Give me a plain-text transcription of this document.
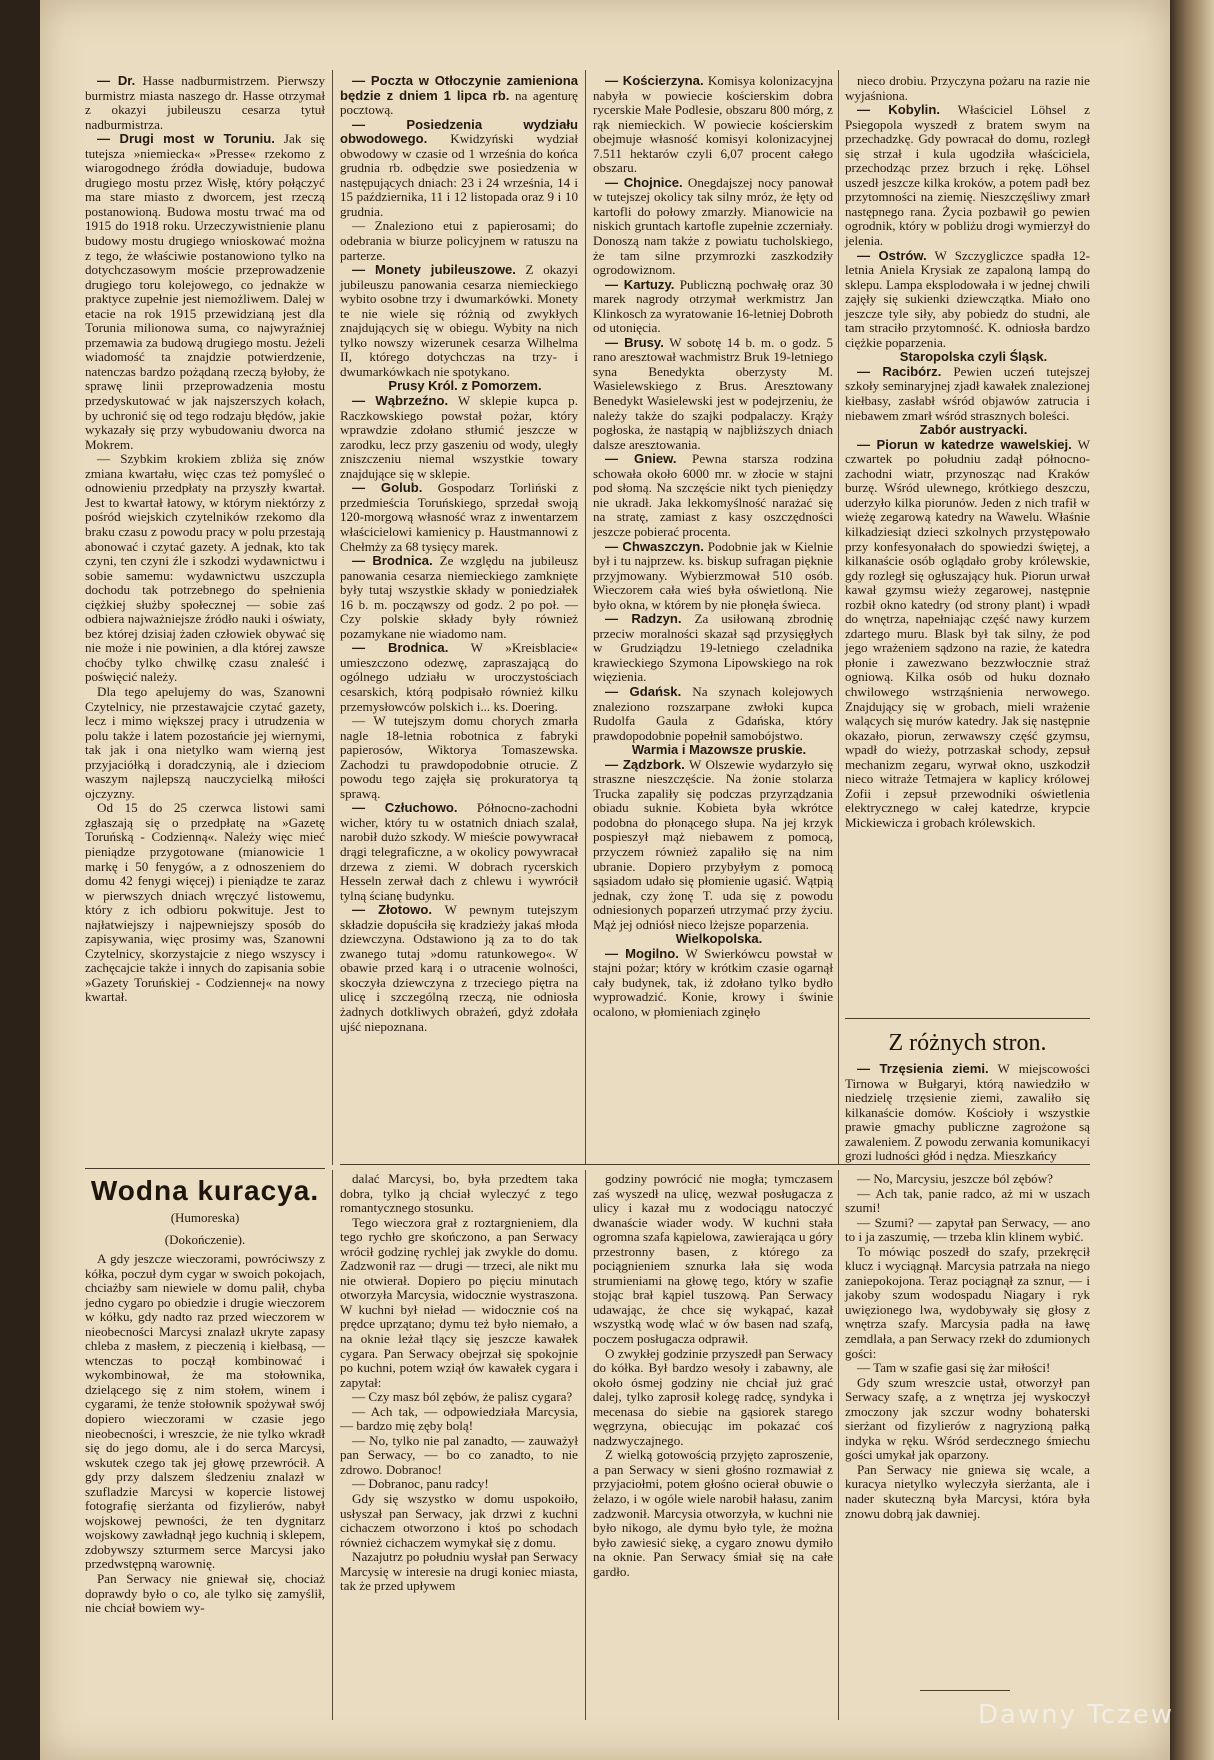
— Dr. Hasse nadburmistrzem. Pierwszy burmistrz miasta naszego dr. Hasse otrzymał z okazyi jubileuszu cesarza tytuł nadburmistrza.

— Drugi most w Toruniu. Jak się tutejsza »niemiecka« »Presse« rzekomo z wiarogodnego źródła dowiaduje, budowa drugiego mostu przez Wisłę, który połączyć ma stare miasto z dworcem, jest rzeczą postanowioną. Budowa mostu trwać ma od 1915 do 1918 roku. Urzeczywistnienie planu budowy mostu drugiego wnioskować można z tego, że właściwie postanowiono tylko na dotychczasowym moście przeprowadzenie drugiego toru kolejowego, co jednakże w praktyce zupełnie jest niemożliwem. Dalej w etacie na rok 1915 przewidzianą jest dla Torunia milionowa suma, co najwyraźniej przemawia za budową drugiego mostu. Jeżeli wiadomość ta znajdzie potwierdzenie, natenczas bardzo pożądaną rzeczą byłoby, że sprawę linii przeprowadzenia mostu przedyskutować w jak najszerszych kołach, by uchronić się od tego rodzaju błędów, jakie wykazały się przy wybudowaniu dworca na Mokrem.

— Szybkim krokiem zbliża się znów zmiana kwartału, więc czas też pomyśleć o odnowieniu przedpłaty na przyszły kwartał. Jest to kwartał łatowy, w którym niektórzy z pośród wiejskich czytelników rzekomo dla braku czasu z powodu pracy w polu przestają abonować i czytać gazety. A jednak, kto tak czyni, ten czyni źle i szkodzi wydawnictwu i sobie samemu: wydawnictwu uszczupla dochodu tak potrzebnego do spełnienia ciężkiej służby społecznej — sobie zaś odbiera najważniejsze źródło nauki i oświaty, bez której dzisiaj żaden człowiek obywać się nie może i nie powinien, a dla której zawsze choćby tylko chwilkę czasu znaleść i poświęcić należy.

Dla tego apelujemy do was, Szanowni Czytelnicy, nie przestawajcie czytać gazety, lecz i mimo większej pracy i utrudzenia w polu także i latem pozostańcie jej wiernymi, tak jak i ona nietylko wam wierną jest przyjaciółką i doradczynią, ale i dzieciom waszym najlepszą nauczycielką miłości ojczyzny.

Od 15 do 25 czerwca listowi sami zgłaszają się o przedpłatę na »Gazetę Toruńską - Codzienną«. Należy więc mieć pieniądze przygotowane (mianowicie 1 markę i 50 fenygów, a z odnoszeniem do domu 42 fenygi więcej) i pieniądze te zaraz w pierwszych dniach wręczyć listowemu, który z ich odbioru pokwituje. Jest to najłatwiejszy i najpewniejszy sposób do zapisywania, więc prosimy was, Szanowni Czytelnicy, skorzystajcie z niego wszyscy i zachęcajcie także i innych do zapisania sobie »Gazety Toruńskiej - Codziennej« na nowy kwartał.

— Poczta w Otłoczynie zamieniona będzie z dniem 1 lipca rb. na agenturę pocztową.

— Posiedzenia wydziału obwodowego. Kwidzyński wydział obwodowy w czasie od 1 września do końca grudnia rb. odbędzie swe posiedzenia w następujących dniach: 23 i 24 września, 14 i 15 października, 11 i 12 listopada oraz 9 i 10 grudnia.

— Znaleziono etui z papierosami; do odebrania w biurze policyjnem w ratuszu na parterze.

— Monety jubileuszowe. Z okazyi jubileuszu panowania cesarza niemieckiego wybito osobne trzy i dwumarkówki. Monety te nie wiele się różnią od zwykłych znajdujących się w obiegu. Wybity na nich tylko nowszy wizerunek cesarza Wilhelma II, którego dotychczas na trzy- i dwumarkówkach nie spotykano.

Prusy Król. z Pomorzem.

— Wąbrzeźno. W sklepie kupca p. Raczkowskiego powstał pożar, który wprawdzie zdołano stłumić jeszcze w zarodku, lecz przy gaszeniu od wody, uległy zniszczeniu niemal wszystkie towary znajdujące się w sklepie.

— Golub. Gospodarz Torliński z przedmieścia Toruńskiego, sprzedał swoją 120-morgową własność wraz z inwentarzem właścicielowi kamienicy p. Haustmannowi z Chełmży za 68 tysięcy marek.

— Brodnica. Ze względu na jubileusz panowania cesarza niemieckiego zamknięte były tutaj wszystkie składy w poniedziałek 16 b. m. począwszy od godz. 2 po poł. — Czy polskie składy były również pozamykane nie wiadomo nam.

— Brodnica. W »Kreisblacie« umieszczono odezwę, zapraszającą do ogólnego udziału w uroczystościach cesarskich, którą podpisało również kilku przemysłowców polskich i... ks. Doering.

— W tutejszym domu chorych zmarła nagle 18-letnia robotnica z fabryki papierosów, Wiktorya Tomaszewska. Zachodzi tu prawdopodobnie otrucie. Z powodu tego zajęła się prokuratorya tą sprawą.

— Człuchowo. Północno-zachodni wicher, który tu w ostatnich dniach szalał, narobił dużo szkody. W mieście powywracał drągi telegraficzne, a w okolicy powywracał drzewa z ziemi. W dobrach rycerskich Hesseln zerwał dach z chlewu i wywrócił tylną ścianę budynku.

— Złotowo. W pewnym tutejszym składzie dopuściła się kradzieży jakaś młoda dziewczyna. Odstawiono ją za to do tak zwanego tutaj »domu ratunkowego«. W obawie przed karą i o utracenie wolności, skoczyła dziewczyna z trzeciego piętra na ulicę i szczególną rzeczą, nie odniosła żadnych dotkliwych obrażeń, gdyż zdołała ujść niepoznana.

— Kościerzyna. Komisya kolonizacyjna nabyła w powiecie kościerskim dobra rycerskie Małe Podlesie, obszaru 800 mórg, z rąk niemieckich. W powiecie kościerskim obejmuje własność komisyi kolonizacyjnej 7.511 hektarów czyli 6,07 procent całego obszaru.

— Chojnice. Onegdajszej nocy panował w tutejszej okolicy tak silny mróz, że łęty od kartofli do połowy zmarzły. Mianowicie na niskich gruntach kartofle zupełnie zczerniały. Donoszą nam także z powiatu tucholskiego, że tam silne przymrozki zaszkodziły ogrodowiznom.

— Kartuzy. Publiczną pochwałę oraz 30 marek nagrody otrzymał werkmistrz Jan Klinkosch za wyratowanie 16-letniej Dobroth od utonięcia.

— Brusy. W sobotę 14 b. m. o godz. 5 rano aresztował wachmistrz Bruk 19-letniego syna Benedykta oberzysty M. Wasielewskiego z Brus. Aresztowany Benedykt Wasielewski jest w podejrzeniu, że należy także do szajki podpalaczy. Krąży pogłoska, że nastąpią w najbliższych dniach dalsze aresztowania.

— Gniew. Pewna starsza rodzina schowała około 6000 mr. w złocie w stajni pod słomą. Na szczęście nikt tych pieniędzy nie ukradł. Jaka lekkomyślność narażać się na stratę, zamiast z kasy oszczędności jeszcze pobierać procenta.

— Chwaszczyn. Podobnie jak w Kielnie był i tu najprzew. ks. biskup sufragan pięknie przyjmowany. Wybierzmował 510 osób. Wieczorem cała wieś była oświetloną. Nie było okna, w którem by nie płonęła świeca.

— Radzyn. Za usiłowaną zbrodnię przeciw moralności skazał sąd przysięgłych w Grudziądzu 19-letniego czeladnika krawieckiego Szymona Lipowskiego na rok więzienia.

— Gdańsk. Na szynach kolejowych znaleziono rozszarpane zwłoki kupca Rudolfa Gaula z Gdańska, który prawdopodobnie popełnił samobójstwo.

Warmia i Mazowsze pruskie.

— Ządzbork. W Olszewie wydarzyło się straszne nieszczęście. Na żonie stolarza Trucka zapaliły się podczas przyrządzania obiadu suknie. Kobieta była wkrótce podobna do płonącego słupa. Na jej krzyk pospieszył mąż niebawem z pomocą, przyczem również zapaliło się na nim ubranie. Dopiero przybyłym z pomocą sąsiadom udało się płomienie ugasić. Wątpią jednak, czy żonę T. uda się z powodu odniesionych poparzeń utrzymać przy życiu. Mąż jej odniósł nieco lżejsze poparzenia.

Wielkopolska.

— Mogilno. W Swierkówcu powstał w stajni pożar; który w krótkim czasie ogarnął cały budynek, tak, iż zdołano tylko bydło wyprowadzić. Konie, krowy i świnie ocalono, w płomieniach zginęło

nieco drobiu. Przyczyna pożaru na razie nie wyjaśniona.

— Kobylin. Właściciel Löhsel z Psiegopola wyszedł z bratem swym na przechadzkę. Gdy powracał do domu, rozległ się strzał i kula ugodziła właściciela, przechodząc przez brzuch i rękę. Löhsel uszedł jeszcze kilka kroków, a potem padł bez przytomności na ziemię. Nieszczęśliwy zmarł następnego rana. Życia pozbawił go pewien ogrodnik, który w pobliżu drogi wymierzył do jelenia.

— Ostrów. W Szczygliczce spadła 12-letnia Aniela Krysiak ze zapaloną lampą do sklepu. Lampa eksplodowała i w jednej chwili zajęły się sukienki dziewczątka. Miało ono jeszcze tyle siły, aby pobiedz do studni, ale tam straciło przytomność. K. odniosła bardzo ciężkie poparzenia.

Staropolska czyli Śląsk.

— Racibórz. Pewien uczeń tutejszej szkoły seminaryjnej zjadł kawałek znalezionej kiełbasy, zasłabł wśród objawów zatrucia i niebawem zmarł wśród strasznych boleści.

Zabór austryacki.

— Piorun w katedrze wawelskiej. W czwartek po południu zadął północno-zachodni wiatr, przynosząc nad Kraków burzę. Wśród ulewnego, krótkiego deszczu, uderzyło kilka piorunów. Jeden z nich trafił w wieżę zegarową katedry na Wawelu. Właśnie kilkadziesiąt dzieci szkolnych przystępowało przy konfesyonałach do spowiedzi świętej, a kilkanaście osób oglądało groby królewskie, gdy rozległ się ogłuszający huk. Piorun urwał kawał gzymsu wieży zegarowej, następnie rozbił okno katedry (od strony plant) i wpadł do wnętrza, napełniając część nawy kurzem zdartego muru. Blask był tak silny, że pod jego wrażeniem sądzono na razie, że katedra płonie i zawezwano bezzwłocznie straż ogniową. Kilka osób od huku doznało chwilowego wstrząśnienia nerwowego. Znajdujący się w grobach, mieli wrażenie walących się murów katedry. Jak się następnie okazało, piorun, zerwawszy część gzymsu, wpadł do wieży, potrzaskał schody, zepsuł mechanizm zegaru, wyrwał okno, uszkodził nieco witraże Tetmajera w kaplicy królowej Zofii i zepsuł przewodniki oświetlenia elektrycznego w całej katedrze, krypcie Mickiewicza i grobach królewskich.

Z różnych stron.

— Trzęsienia ziemi. W miejscowości Tirnowa w Bułgaryi, którą nawiedziło w niedzielę trzęsienie ziemi, zawaliło się kilkanaście domów. Kościoły i wszystkie prawie gmachy publiczne zagrożone są zawaleniem. Z powodu zerwania komunikacyi grozi ludności głód i nędza. Mieszkańcy

Wodna kuracya.
(Humoreska)
(Dokończenie).

A gdy jeszcze wieczorami, powróciwszy z kółka, poczuł dym cygar w swoich pokojach, chciażby sam niewiele w domu palił, chyba jedno cygaro po obiedzie i drugie wieczorem w kółku, gdy nadto raz przed wieczorem w nieobecności Marcysi znalazł ukryte zapasy chleba z masłem, z pieczenią i kiełbasą, — wtenczas to począł kombinować i wykombinował, że ma stołownika, dzielącego się z nim stołem, winem i cygarami, że tenże stołownik spożywał swój dopiero wieczorami w czasie jego nieobecności, i wreszcie, że nie tylko wkradł się do jego domu, ale i do serca Marcysi, wskutek czego tak jej głowę przewrócił. A gdy przy dalszem śledzeniu znalazł w szufladzie Marcysi w kopercie listowej fotografię sierżanta od fizylierów, nabył wojskowej pewności, że ten dygnitarz wojskowy zawładnął jego kuchnią i sklepem, zdobywszy szturmem serce Marcysi jako przedwstępną warownię.

Pan Serwacy nie gniewał się, chociaż doprawdy było o co, ale tylko się zamyślił, nie chciał bowiem wy-

dalać Marcysi, bo, była przedtem taka dobra, tylko ją chciał wyleczyć z tego romantycznego stosunku.

Tego wieczora grał z roztargnieniem, dla tego rychło gre skończono, a pan Serwacy wrócił godzinę rychlej jak zwykle do domu. Zadzwonił raz — drugi — trzeci, ale nikt mu nie otwierał. Dopiero po pięciu minutach otworzyła Marcysia, widocznie wystraszona. W kuchni był nieład — widocznie coś na prędce uprzątano; dymu też było niemało, a na oknie leżał tlący się jeszcze kawałek cygara. Pan Serwacy obejrzał się spokojnie po kuchni, potem wziął ów kawałek cygara i zapytał:

— Czy masz ból zębów, że palisz cygara?

— Ach tak, — odpowiedziała Marcysia, — bardzo mię zęby bolą!

— No, tylko nie pal zanadto, — zauważył pan Serwacy, — bo co zanadto, to nie zdrowo. Dobranoc!

— Dobranoc, panu radcy!

Gdy się wszystko w domu uspokoiło, usłyszał pan Serwacy, jak drzwi z kuchni cichaczem otworzono i ktoś po schodach również cichaczem wymykał się z domu.

Nazajutrz po południu wysłał pan Serwacy Marcysię w interesie na drugi koniec miasta, tak że przed upływem

godziny powrócić nie mogła; tymczasem zaś wyszedł na ulicę, wezwał posługacza z ulicy i kazał mu z wodociągu natoczyć dwanaście wiader wody. W kuchni stała ogromna szafa kąpielowa, zawierająca u góry przestronny basen, z którego za pociągnieniem sznurka lała się woda strumieniami na głowę tego, który w szafie stojąc brał kąpiel tuszową. Pan Serwacy udawając, że chce się wykąpać, kazał wszystką wodę wlać w ów basen nad szafą, poczem posługacza odprawił.

O zwykłej godzinie przyszedł pan Serwacy do kółka. Był bardzo wesoły i zabawny, ale około ósmej godziny nie chciał już grać dalej, tylko zaprosił kolegę radcę, syndyka i mecenasa do siebie na gąsiorek starego węgrzyna, obiecując im pokazać coś nadzwyczajnego.

Z wielką gotowością przyjęto zaproszenie, a pan Serwacy w sieni głośno rozmawiał z przyjaciołmi, potem głośno ocierał obuwie o żelazo, i w ogóle wiele narobił hałasu, zanim zadzwonił. Marcysia otworzyła, w kuchni nie było nikogo, ale dymu było tyle, że można było zawiesić siekę, a cygaro znowu dymiło na oknie. Pan Serwacy śmiał się na całe gardło.

— No, Marcysiu, jeszcze ból zębów?

— Ach tak, panie radco, aż mi w uszach szumi!

— Szumi? — zapytał pan Serwacy, — ano to i ja zaszumię, — trzeba klin klinem wybić.

To mówiąc poszedł do szafy, przekręcił klucz i wyciągnął. Marcysia patrzała na niego zaniepokojona. Teraz pociągnął za sznur, — i jakoby szum wodospadu Niagary i ryk uwięzionego lwa, wydobywały się głosy z wnętrza szafy. Marcysia padła na ławę zemdlała, a pan Serwacy rzekł do zdumionych gości:

— Tam w szafie gasi się żar miłości!

Gdy szum wreszcie ustał, otworzył pan Serwacy szafę, a z wnętrza jej wyskoczył zmoczony jak szczur wodny bohaterski sierżant od fizylierów z nagryzioną pałką indyka w ręku. Wśród serdecznego śmiechu gości umykał jak oparzony.

Pan Serwacy nie gniewa się wcale, a kuracya nietylko wyleczyła sierżanta, ale i nader skuteczną była Marcysi, która była znowu dobrą jak dawniej.

Dawny Tczew
